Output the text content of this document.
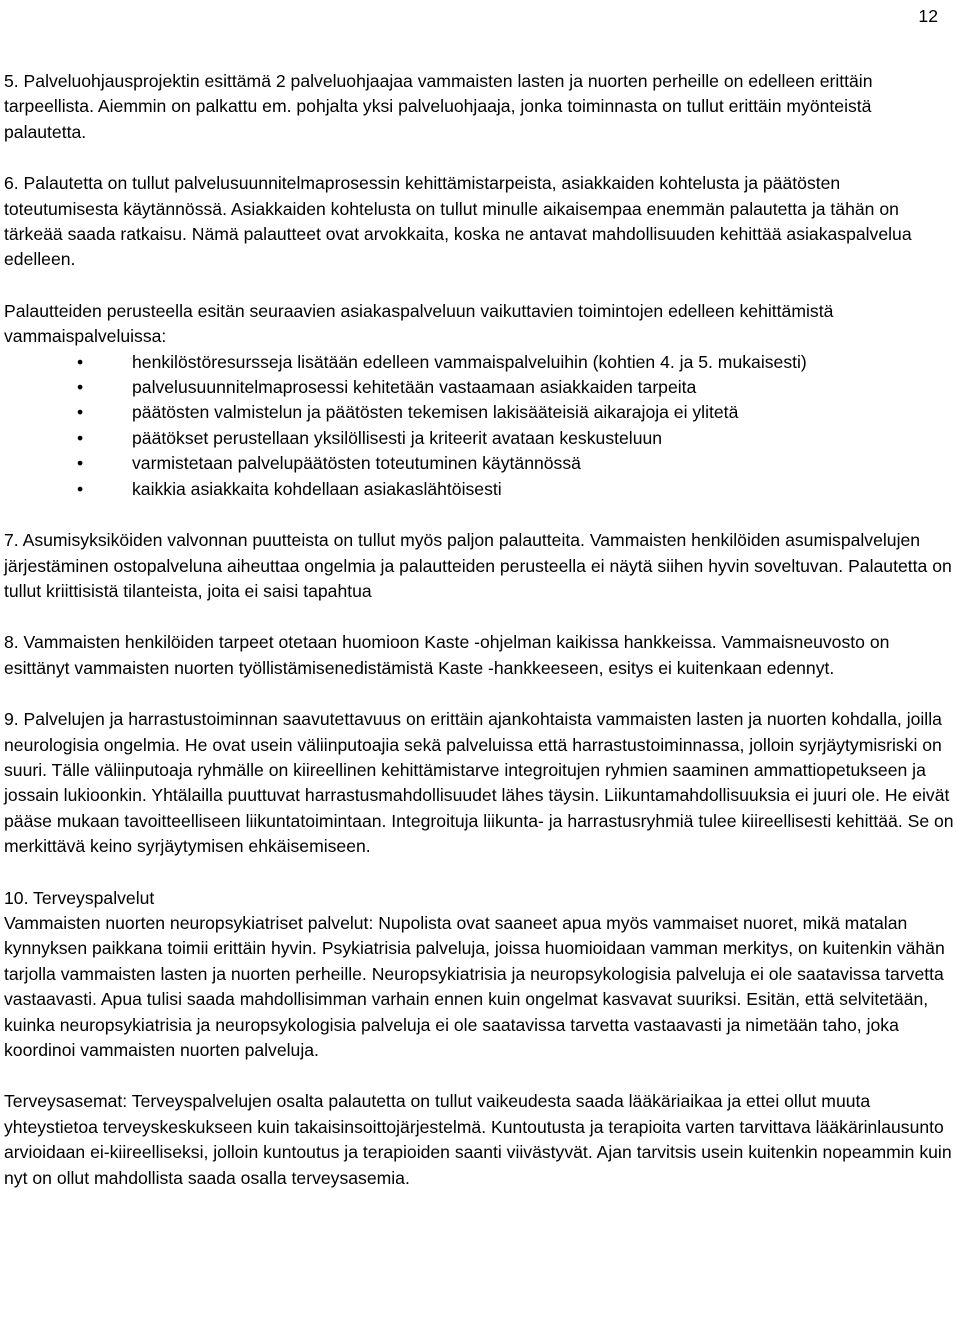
12

5. Palveluohjausprojektin esittämä 2 palveluohjaajaa vammaisten lasten ja nuorten perheille on edelleen erittäin tarpeellista. Aiemmin on palkattu em. pohjalta yksi palveluohjaaja, jonka toiminnasta on tullut erittäin myönteistä palautetta.

6. Palautetta on tullut palvelusuunnitelmaprosessin kehittämistarpeista, asiakkaiden kohtelusta ja päätösten toteutumisesta käytännössä. Asiakkaiden kohtelusta on tullut minulle aikaisempaa enemmän palautetta ja tähän on tärkeää saada ratkaisu. Nämä palautteet ovat arvokkaita, koska ne antavat mahdollisuuden kehittää asiakaspalvelua edelleen.

Palautteiden perusteella esitän seuraavien asiakaspalveluun vaikuttavien toimintojen edelleen kehittämistä vammaispalveluissa:

•	henkilöstöresursseja lisätään edelleen vammaispalveluihin (kohtien 4. ja 5. mukaisesti)
•	palvelusuunnitelmaprosessi kehitetään vastaamaan asiakkaiden tarpeita
•	päätösten valmistelun ja päätösten tekemisen lakisääteisiä aikarajoja ei ylitetä
•	päätökset perustellaan yksilöllisesti ja kriteerit avataan keskusteluun
•	varmistetaan palvelupäätösten toteutuminen käytännössä
•	kaikkia asiakkaita kohdellaan asiakaslähtöisesti

7. Asumisyksiköiden valvonnan puutteista on tullut myös paljon palautteita. Vammaisten henkilöiden asumispalvelujen järjestäminen ostopalveluna aiheuttaa ongelmia ja palautteiden perusteella ei näytä siihen hyvin soveltuvan. Palautetta on tullut kriittisistä tilanteista, joita ei saisi tapahtua

8. Vammaisten henkilöiden tarpeet otetaan huomioon Kaste -ohjelman kaikissa hankkeissa. Vammaisneuvosto on esittänyt vammaisten nuorten työllistämisenedistämistä Kaste -hankkeeseen, esitys ei kuitenkaan edennyt.

9. Palvelujen ja harrastustoiminnan saavutettavuus on erittäin ajankohtaista vammaisten lasten ja nuorten kohdalla, joilla neurologisia ongelmia. He ovat usein väliinputoajia sekä palveluissa että harrastustoiminnassa, jolloin syrjäytymisriski on suuri. Tälle väliinputoaja ryhmälle on kiireellinen kehittämistarve integroitujen ryhmien saaminen ammattiopetukseen ja jossain lukioonkin. Yhtälailla puuttuvat harrastusmahdollisuudet lähes täysin. Liikuntamahdollisuuksia ei juuri ole. He eivät pääse mukaan tavoitteelliseen liikuntatoimintaan. Integroituja liikunta- ja harrastusryhmiä tulee kiireellisesti kehittää. Se on merkittävä keino syrjäytymisen ehkäisemiseen.

10. Terveyspalvelut

Vammaisten nuorten neuropsykiatriset palvelut: Nupolista ovat saaneet apua myös vammaiset nuoret, mikä matalan kynnyksen paikkana toimii erittäin hyvin. Psykiatrisia palveluja, joissa huomioidaan vamman merkitys, on kuitenkin vähän tarjolla vammaisten lasten ja nuorten perheille. Neuropsykiatrisia ja neuropsykologisia palveluja ei ole saatavissa tarvetta vastaavasti. Apua tulisi saada mahdollisimman varhain ennen kuin ongelmat kasvavat suuriksi. Esitän, että selvitetään, kuinka neuropsykiatrisia ja neuropsykologisia palveluja ei ole saatavissa tarvetta vastaavasti ja nimetään taho, joka koordinoi vammaisten nuorten palveluja.

Terveysasemat: Terveyspalvelujen osalta palautetta on tullut vaikeudesta saada lääkäriaikaa ja ettei ollut muuta yhteystietoa terveyskeskukseen kuin takaisinsoittojärjestelmä. Kuntoutusta ja terapioita varten tarvittava lääkärinlausunto arvioidaan ei-kiireelliseksi, jolloin kuntoutus ja terapioiden saanti viivästyvät. Ajan tarvitsis usein kuitenkin nopeammin kuin nyt on ollut mahdollista saada osalla terveysasemia.
